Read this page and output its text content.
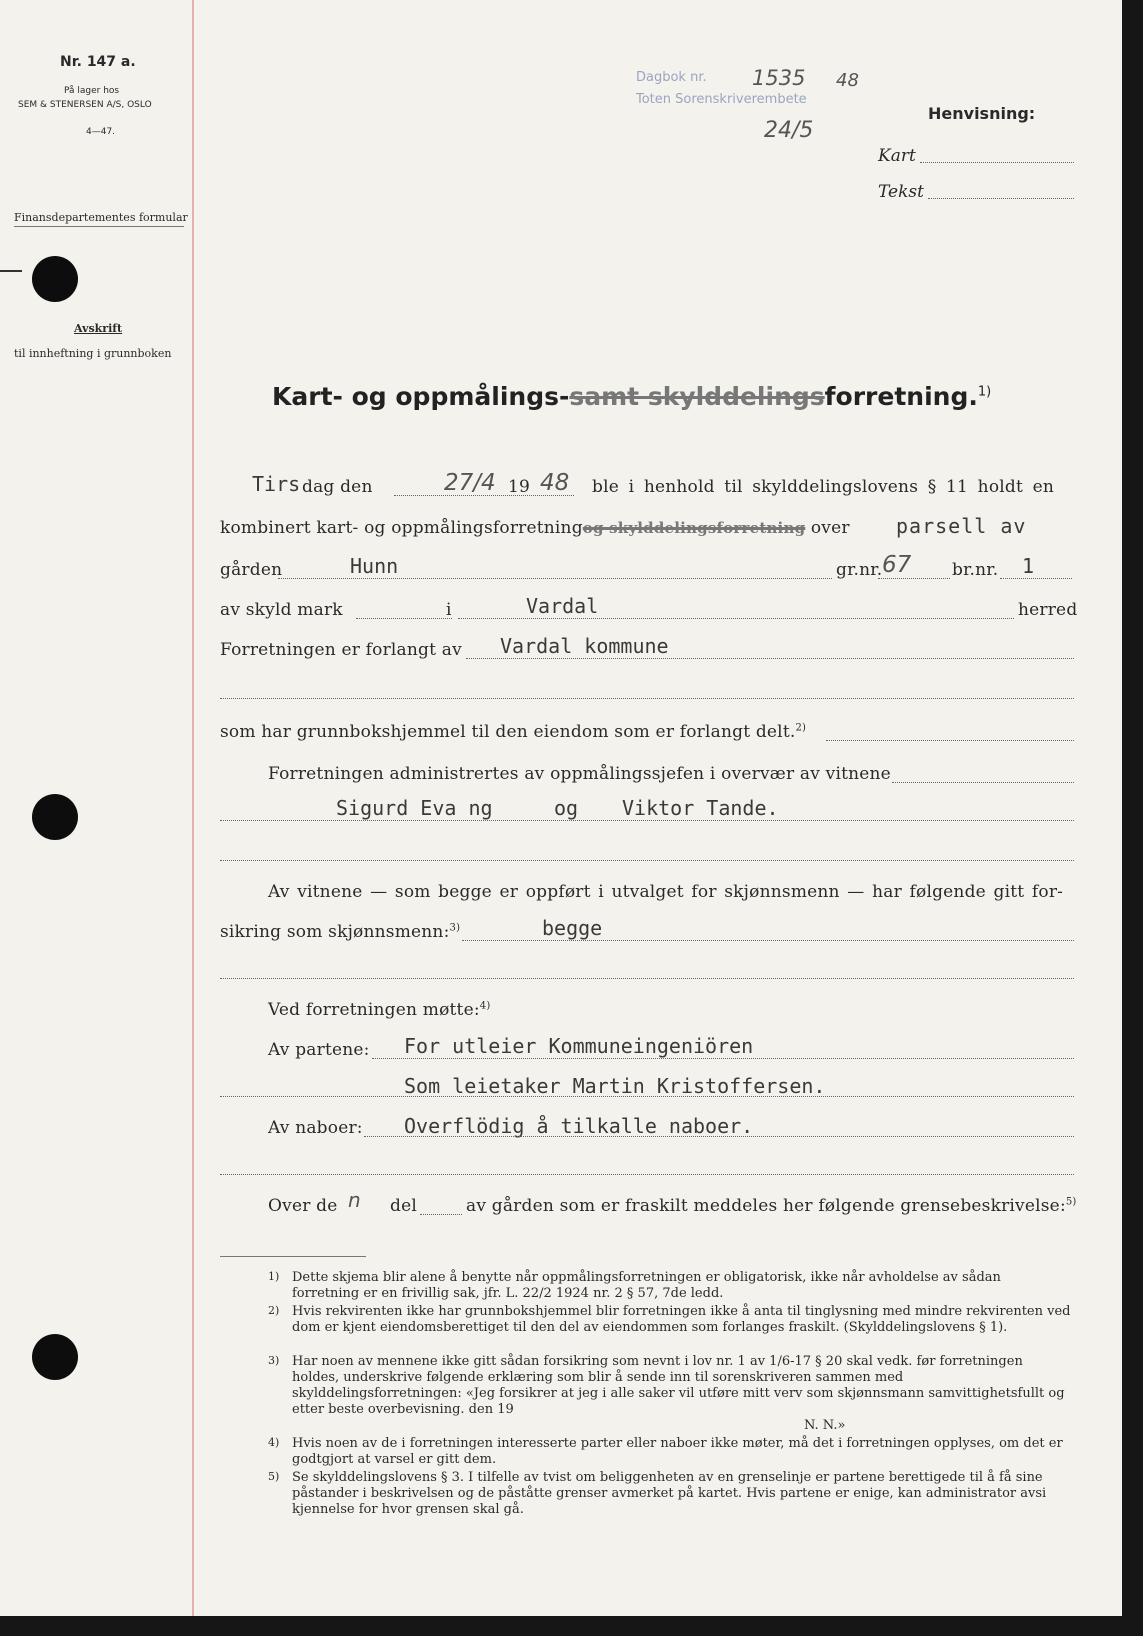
Nr. 147 a.
På lager hos
SEM & STENERSEN A/S, OSLO
4—47.
Finansdepartementes formular
Avskrift
til innheftning i grunnboken
Dagbok nr.
Toten Sorenskriverembete
1535 48
24/5
Henvisning:
Kart
Tekst
Kart- og oppmålings-samt skylddelingsforretning.$^{1)}$
Tirs dag den	27/4 19 48 ble i henhold til skylddelingslovens § 11 holdt en
kombinert kart- og oppmålingsforretningog skylddelingsforretning over parsell av
gården	Hunn	gr.nr. 67 br.nr. 1
av skyld mark	i	Vardal	herred
Forretningen er forlangt av Vardal kommune
som har grunnbokshjemmel til den eiendom som er forlangt delt.$^{2)}$
Forretningen administrertes av oppmålingssjefen i overvær av vitnene
Sigurd Eva ng	og Viktor Tande.
Av vitnene — som begge er oppført i utvalget for skjønnsmenn — har følgende gitt for-
sikring som skjønnsmenn:$^{3)}$	begge
Ved forretningen møtte:$^{4)}$
Av partene: For utleier Kommuneingeniören
Som leietaker Martin Kristoffersen.
Av naboer: Overflödig å tilkalle naboer.
Over de n del	av gården som er fraskilt meddeles her følgende grensebeskrivelse:$^{5)}$
1) Dette skjema blir alene å benytte når oppmålingsforretningen er obligatorisk, ikke når avholdelse av sådan forretning er en frivillig sak, jfr. L. 22/2 1924 nr. 2 § 57, 7de ledd.
2) Hvis rekvirenten ikke har grunnbokshjemmel blir forretningen ikke å anta til tinglysning med mindre rekvirenten ved dom er kjent eiendomsberettiget til den del av eiendommen som forlanges fraskilt. (Skylddelingslovens § 1).
3) Har noen av mennene ikke gitt sådan forsikring som nevnt i lov nr. 1 av 1/6-17 § 20 skal vedk. før forretningen holdes, underskrive følgende erklæring som blir å sende inn til sorenskriveren sammen med skylddelingsforretningen: «Jeg forsikrer at jeg i alle saker vil utføre mitt verv som skjønnsmann samvittighetsfullt og etter beste overbevisning. den 19
N. N.»
4) Hvis noen av de i forretningen interesserte parter eller naboer ikke møter, må det i forretningen opplyses, om det er godtgjort at varsel er gitt dem.
5) Se skylddelingslovens § 3. I tilfelle av tvist om beliggenheten av en grenselinje er partene berettigede til å få sine påstander i beskrivelsen og de påståtte grenser avmerket på kartet. Hvis partene er enige, kan administrator avsi kjennelse for hvor grensen skal gå.
